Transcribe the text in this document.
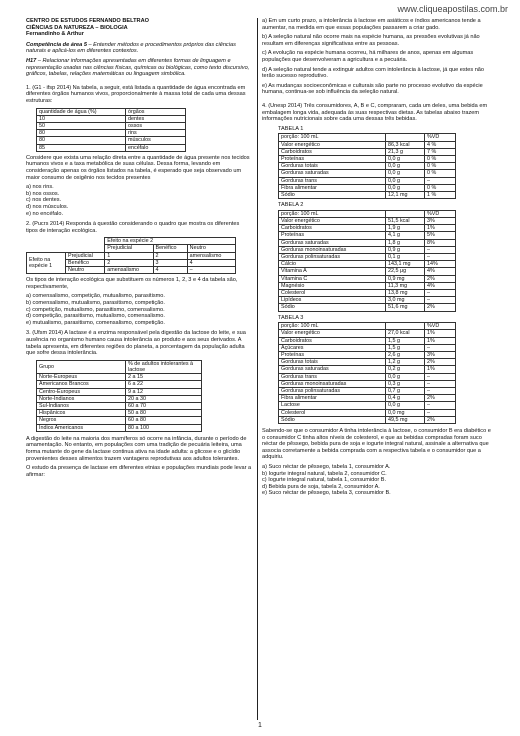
www.cliqueapostilas.com.br
CENTRO DE ESTUDOS FERNANDO BELTRAO
CIÊNCIAS DA NATUREZA – BIOLOGIA
Fernandinho & Arthur

Competência de área 5 – Entender métodos e procedimentos próprios das ciências naturais e aplicá-los em diferentes contextos.

H17 – Relacionar informações apresentadas em diferentes formas de linguagem e representação usadas nas ciências físicas, químicas ou biológicas, como texto discursivo, gráficos, tabelas, relações matemáticas ou linguagem simbólica.

1. (G1 - ifsp 2014) Na tabela, a seguir, está listada a quantidade de água encontrada em diferentes órgãos humanos vivos, proporcionalmente à massa total de cada uma dessas estruturas:

quantidade de água (%)	órgãos
10	dentes
50	ossos
80	rins
80	músculos
85	encéfalo

Considere que exista uma relação direta entre a quantidade de água presente nos tecidos humanos vivos e a taxa metabólica de suas células. Dessa forma, levando em consideração apenas os órgãos listados na tabela, é esperado que seja observado um maior consumo de oxigênio nos tecidos presentes

a) nos rins.

b) nos ossos.

c) nos dentes.

d) nos músculos.

e) no encéfalo.

2. (Pucrs 2014) Responda à questão considerando o quadro que mostra os diferentes tipos de interação ecológica.

		Efeito na espécie 2		
		Prejudicial	Benéfico	Neutro
Efeito na espécie 1	Prejudicial	1	2	amensalismo
	Benéfico	2	3	4
	Neutro	amensalismo	4	–

Os tipos de interação ecológica que substituem os números 1, 2, 3 e 4 da tabela são, respectivamente,

a) comensalismo, competição, mutualismo, parasitismo.

b) comensalismo, mutualismo, parasitismo, competição.

c) competição, mutualismo, parasitismo, comensalismo.

d) competição, parasitismo, mutualismo, comensalismo.

e) mutualismo, parasitismo, comensalismo, competição.

3. (Ufsm 2014) A lactase é a enzima responsável pela digestão da lactose do leite, e sua ausência no organismo humano causa intolerância ao produto e aos seus derivados. A tabela apresenta, em diferentes regiões do planeta, a porcentagem da população adulta que sofre dessa intolerância.

Grupo	% de adultos intolerantes à lactose
Norte-Europeus	2 a 15
Americanos Brancos	6 a 22
Centro-Europeus	9 a 12
Norte-Indianos	20 a 30
Sul-Indianos	60 a 70
Hispânicos	50 a 80
Negros	60 a 80
Índios Americanos	80 a 100

A digestão do leite na maioria dos mamíferos só ocorre na infância, durante o período de amamentação. No entanto, em populações com uma tradição de pecuária leiteira, uma forma mutante do gene da lactase continua ativa na idade adulta: a glicose e o glicídio provenientes desses alimentos trazem vantagens reprodutivas aos adultos tolerantes.

O estudo da presença de lactase em diferentes etnias e populações mundiais pode levar a afirmar:

a) Em um curto prazo, a intolerância à lactose em asiáticos e índios americanos tende a aumentar, na medida em que essas populações passarem a criar gado.

b) A seleção natural não ocorre mais na espécie humana, as pressões evolutivas já não resultam em diferenças significativas entre as pessoas.

c) A evolução na espécie humana ocorreu, há milhares de anos, apenas em algumas populações que desenvolveram a agricultura e a pecuária.

d) A seleção natural tende a extinguir adultos com intolerância à lactose, já que estes não terão sucesso reprodutivo.

e) As mudanças socioeconômicas e culturais são parte no processo evolutivo da espécie humana, continua-se sob influência da seleção natural.

4. (Unesp 2014) Três consumidores, A, B e C, compraram, cada um deles, uma bebida em embalagem longa vida, adequada às suas respectivas dietas. As tabelas abaixo trazem informações nutricionais sobre cada uma dessas três bebidas.

TABELA 1
porção: 100 mL		%VD
Valor energético	86,3 kcal	4 %
Carboidratos	21,3 g	7 %
Proteínas	0,0 g	0 %
Gorduras totais	0,0 g	0 %
Gorduras saturadas	0,0 g	0 %
Gorduras trans	0,0 g	–
Fibra alimentar	0,0 g	0 %
Sódio	12,1 mg	1 %
TABELA 2
porção: 100 mL		%VD
Valor energético	51,5 kcal	3%
Carboidratos	1,9 g	1%
Proteínas	4,1 g	5%
Gorduras saturadas	1,8 g	8%
Gorduras monoinsaturadas	0,9 g	–
Gorduras polinsaturadas	0,1 g	–
Cálcio	143,1 mg	14%
Vitamina A	22,5 μg	4%
Vitamina C	0,9 mg	2%
Magnésio	11,3 mg	4%
Colesterol	13,8 mg	–
Lipídeos	3,0 mg	–
Sódio	51,6 mg	2%
TABELA 3
porção: 100 mL		%VD
Valor energético	27,0 kcal	1%
Carboidratos	1,5 g	1%
Açúcares	1,5 g	–
Proteínas	2,6 g	3%
Gorduras totais	1,2 g	2%
Gorduras saturadas	0,2 g	1%
Gorduras trans	0,0 g	–
Gorduras monoinsaturadas	0,3 g	–
Gorduras polinsaturadas	0,7 g	–
Fibra alimentar	0,4 g	2%
Lactose	0,0 g	–
Colesterol	0,0 mg	–
Sódio	49,5 mg	2%

Sabendo-se que o consumidor A tinha intolerância à lactose, o consumidor B era diabético e o consumidor C tinha altos níveis de colesterol, e que as bebidas compradas foram suco néctar de pêssego, bebida pura de soja e iogurte integral natural, assinale a alternativa que associa corretamente a bebida comprada com a respectiva tabela e o consumidor que a adquiriu.

a) Suco néctar de pêssego, tabela 1, consumidor A.

b) Iogurte integral natural, tabela 2, consumidor C.

c) Iogurte integral natural, tabela 1, consumidor B.

d) Bebida pura de soja, tabela 2, consumidor A.

e) Suco néctar de pêssego, tabela 3, consumidor B.

1
